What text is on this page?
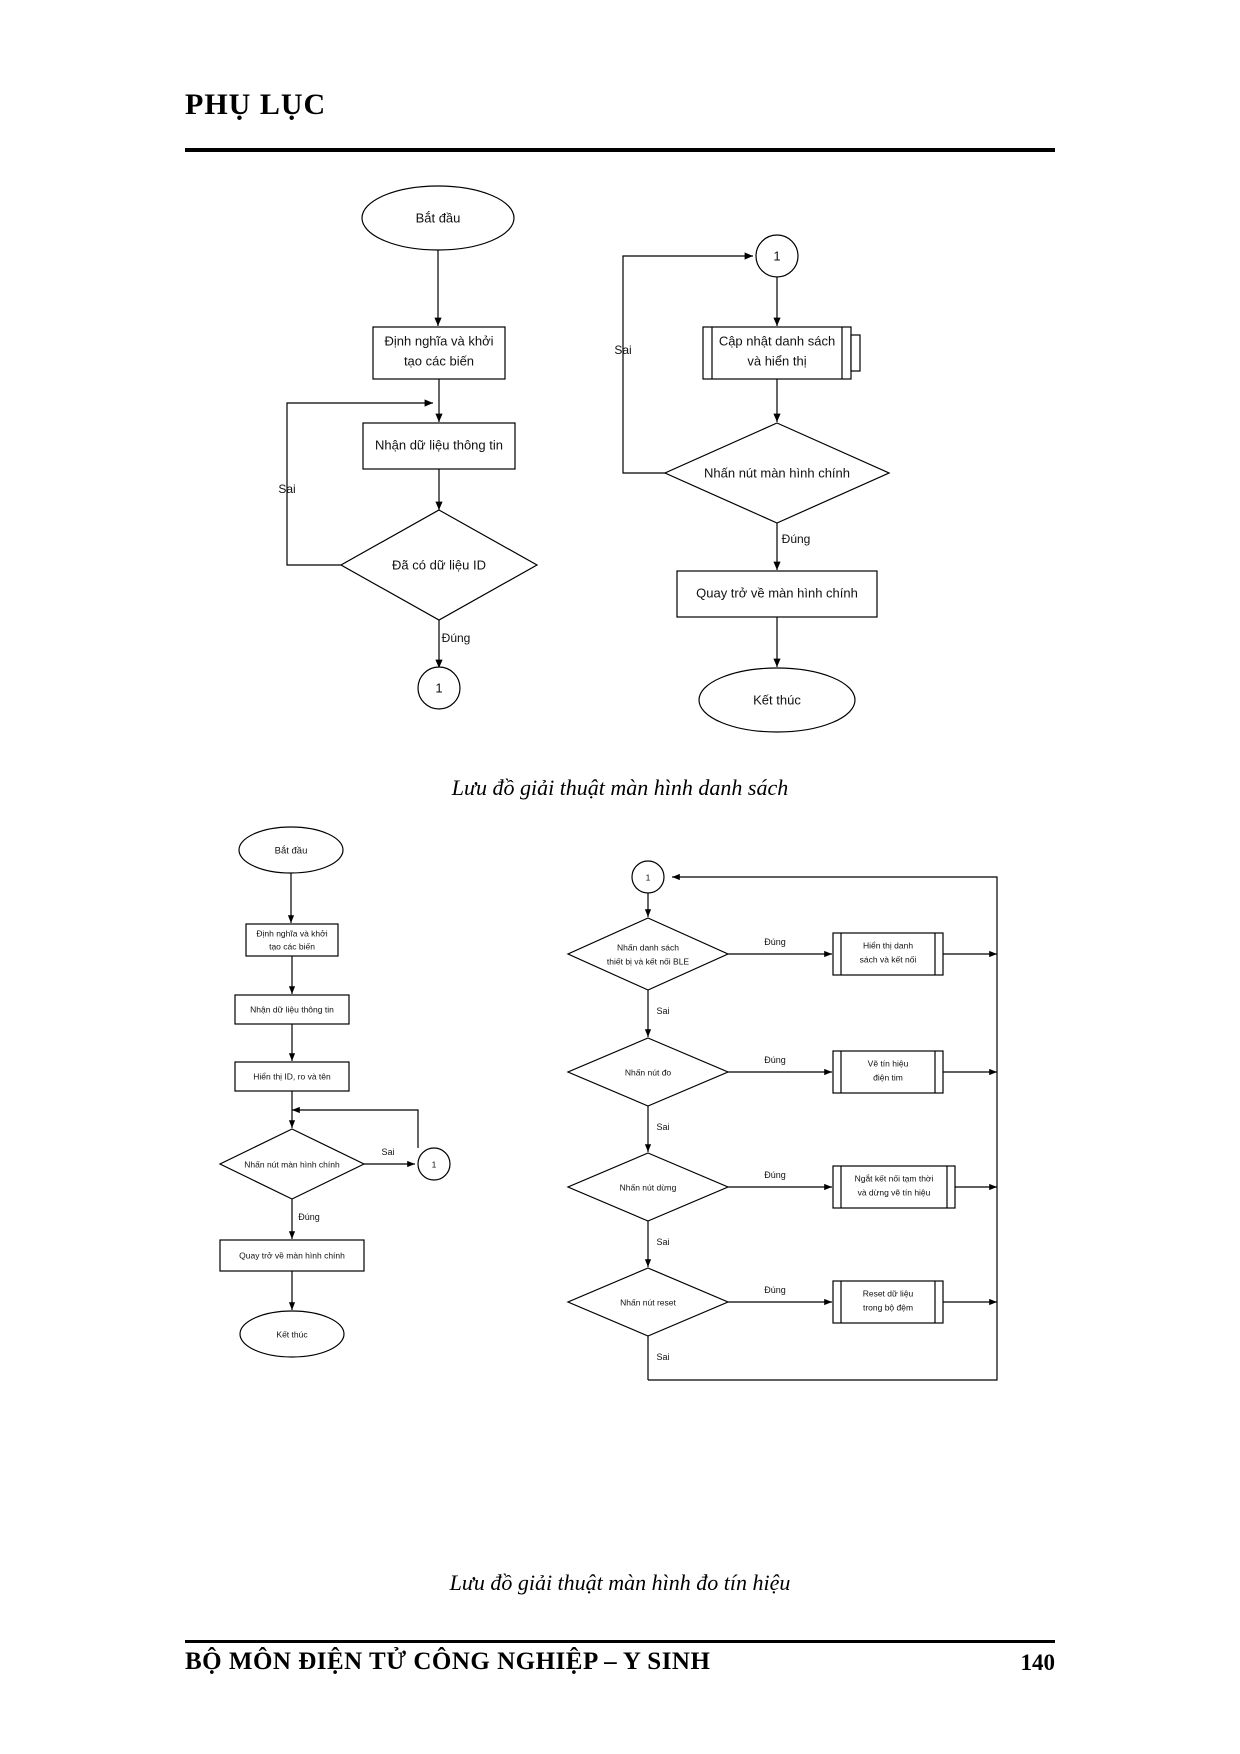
PHỤ LỤC
Bắt đầu
Định nghĩa và khởi
tạo các biến
Nhận dữ liệu thông tin
Đã có dữ liệu ID
Sai
Đúng
1
1
Cập nhật danh sách
và hiển thị
Nhấn nút màn hình chính
Sai
Đúng
Quay trở về màn hình chính
Kết thúc
Lưu đồ giải thuật màn hình danh sách
Bắt đầu
Định nghĩa và khởi
tạo các biến
Nhận dữ liệu thông tin
Hiển thị ID, ro và tên
Nhấn nút màn hình chính
Sai
1
Đúng
Quay trở về màn hình chính
Kết thúc
1
Nhấn danh sách
thiết bị và kết nối BLE
Đúng	Hiển thị danh
sách và kết nối
Sai
Nhấn nút đo
Đúng	Vẽ tín hiệu
điện tim
Sai
Nhấn nút dừng
Đúng	Ngắt kết nối tạm thời
và dừng vẽ tín hiệu
Sai
Nhấn nút reset
Đúng	Reset dữ liệu
trong bộ đệm
Sai
Lưu đồ giải thuật màn hình đo tín hiệu
BỘ MÔN ĐIỆN TỬ CÔNG NGHIỆP – Y SINH	140
